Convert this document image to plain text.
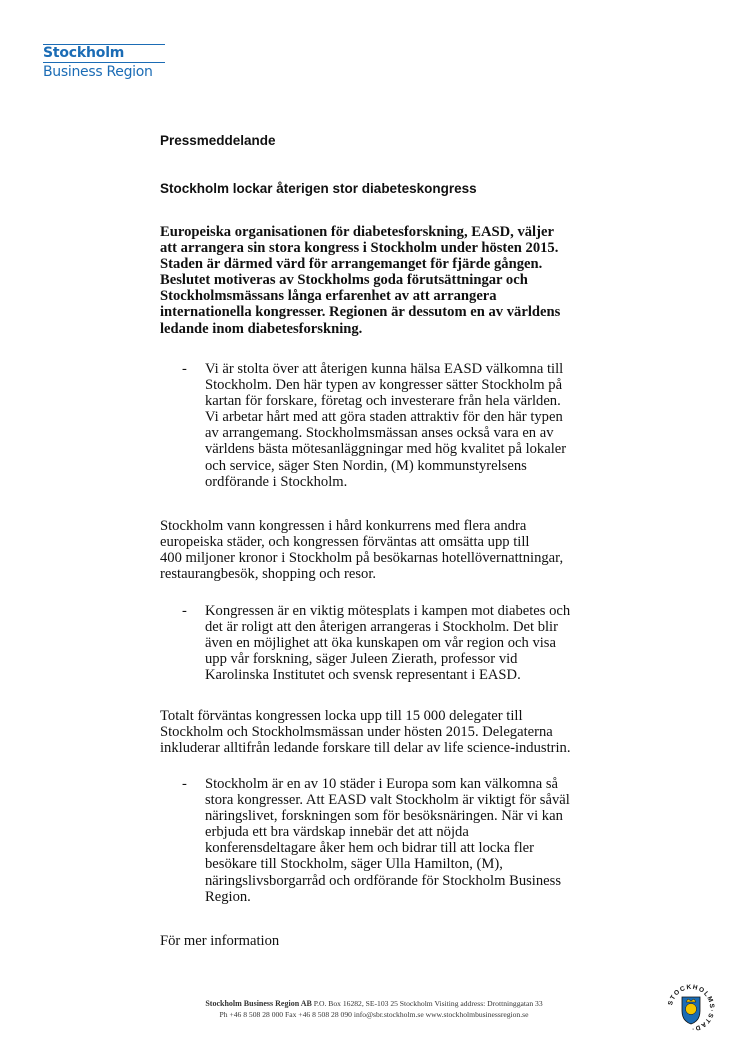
Stockholm
Business Region
Pressmeddelande
Stockholm lockar återigen stor diabeteskongress
Europeiska organisationen för diabetesforskning, EASD, väljer
att arrangera sin stora kongress i Stockholm under hösten 2015.
Staden är därmed värd för arrangemanget för fjärde gången.
Beslutet motiveras av Stockholms goda förutsättningar och
Stockholmsmässans långa erfarenhet av att arrangera
internationella kongresser. Regionen är dessutom en av världens
ledande inom diabetesforskning.
- Vi är stolta över att återigen kunna hälsa EASD välkomna till
Stockholm. Den här typen av kongresser sätter Stockholm på
kartan för forskare, företag och investerare från hela världen.
Vi arbetar hårt med att göra staden attraktiv för den här typen
av arrangemang. Stockholmsmässan anses också vara en av
världens bästa mötesanläggningar med hög kvalitet på lokaler
och service, säger Sten Nordin, (M) kommunstyrelsens
ordförande i Stockholm.
Stockholm vann kongressen i hård konkurrens med flera andra
europeiska städer, och kongressen förväntas att omsätta upp till
400 miljoner kronor i Stockholm på besökarnas hotellövernattningar,
restaurangbesök, shopping och resor.
- Kongressen är en viktig mötesplats i kampen mot diabetes och
det är roligt att den återigen arrangeras i Stockholm. Det blir
även en möjlighet att öka kunskapen om vår region och visa
upp vår forskning, säger Juleen Zierath, professor vid
Karolinska Institutet och svensk representant i EASD.
Totalt förväntas kongressen locka upp till 15 000 delegater till
Stockholm och Stockholmsmässan under hösten 2015. Delegaterna
inkluderar alltifrån ledande forskare till delar av life science-industrin.
- Stockholm är en av 10 städer i Europa som kan välkomna så
stora kongresser. Att EASD valt Stockholm är viktigt för såväl
näringslivet, forskningen som för besöksnäringen. När vi kan
erbjuda ett bra värdskap innebär det att nöjda
konferensdeltagare åker hem och bidrar till att locka fler
besökare till Stockholm, säger Ulla Hamilton, (M),
näringslivsborgarråd och ordförande för Stockholm Business
Region.
För mer information
Stockholm Business Region AB P.O. Box 16282, SE-103 25 Stockholm Visiting address: Drottninggatan 33
Ph +46 8 508 28 000 Fax +46 8 508 28 090 info@sbr.stockholm.se www.stockholmbusinessregion.se
STOCKHOLMS·STAD·
